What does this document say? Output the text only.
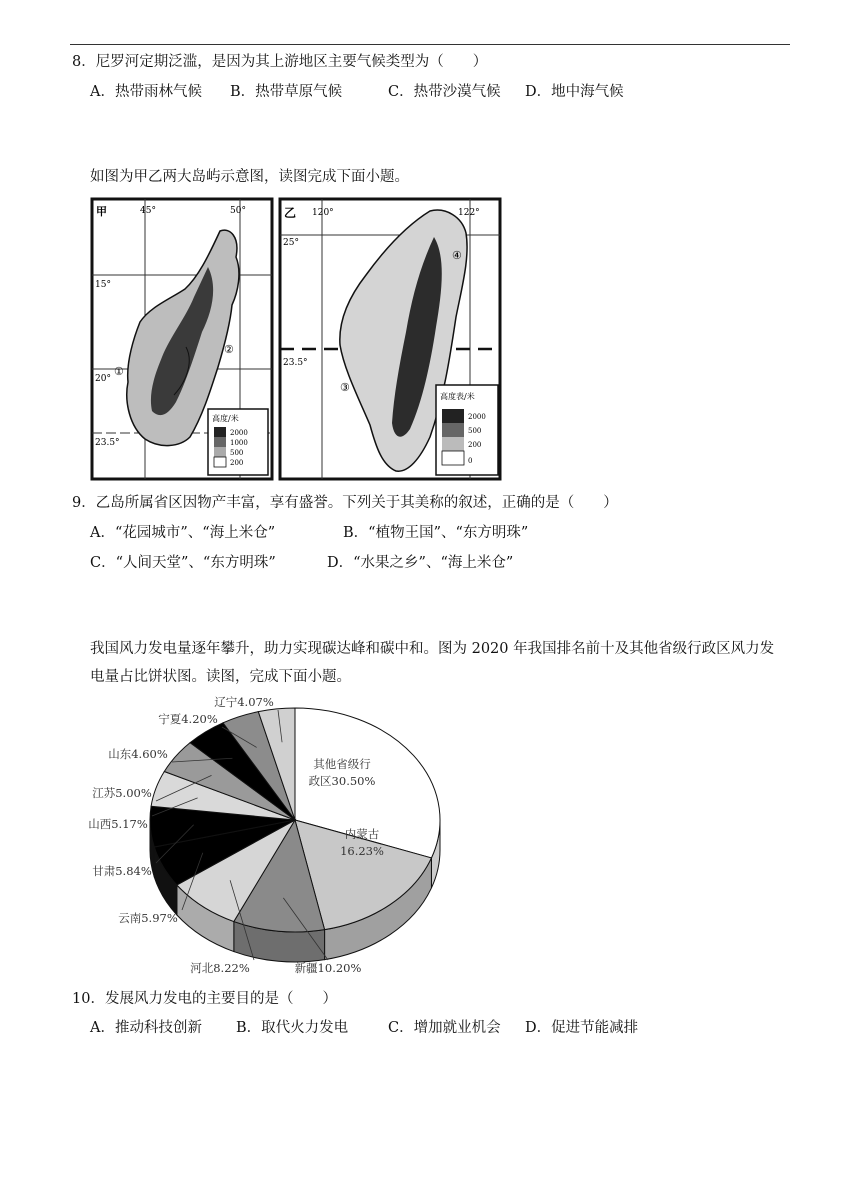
8．尼罗河定期泛滥，是因为其上游地区主要气候类型为（　　）
A．热带雨林气候 B．热带草原气候	C．热带沙漠气候 D．地中海气候
如图为甲乙两大岛屿示意图，读图完成下面小题。
甲	45°	50°
15°
20°
23.5°
①
②
高度/米
2000
1000
500
200
乙 120°	122°
25°
23.5°
④
③
高度表/米
2000
500
200
0
9．乙岛所属省区因物产丰富，享有盛誉。下列关于其美称的叙述，正确的是（　　）
A．“花园城市”、“海上米仓”	B．“植物王国”、“东方明珠”
C．“人间天堂”、“东方明珠”	D．“水果之乡”、“海上米仓”
我国风力发电量逐年攀升，助力实现碳达峰和碳中和。图为 2020 年我国排名前十及其他省级行政区风力发
电量占比饼状图。读图，完成下面小题。
其他省级行
政区30.50%
内蒙古
16.23%
新疆10.20%
河北8.22%
云南5.97%
甘肃5.84%
山西5.17%
江苏5.00%
山东4.60%
宁夏4.20%
辽宁4.07%
10．发展风力发电的主要目的是（　　）
A．推动科技创新 B．取代火力发电	C．增加就业机会 D．促进节能减排
